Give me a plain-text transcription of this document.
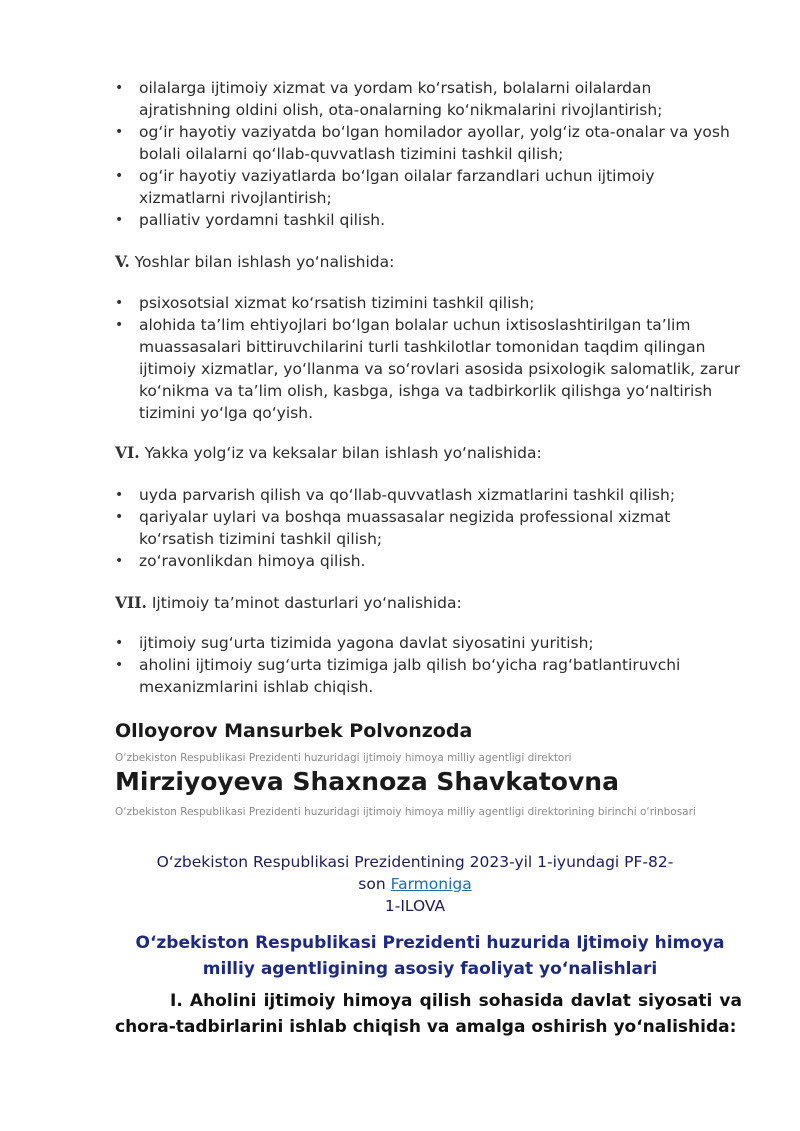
• oilalarga ijtimoiy xizmat va yordam ko‘rsatish, bolalarni oilalardan ajratishning oldini olish, ota-onalarning ko‘nikmalarini rivojlantirish;
• og‘ir hayotiy vaziyatda bo‘lgan homilador ayollar, yolg‘iz ota-onalar va yosh bolali oilalarni qo‘llab-quvvatlash tizimini tashkil qilish;
• og‘ir hayotiy vaziyatlarda bo‘lgan oilalar farzandlari uchun ijtimoiy xizmatlarni rivojlantirish;
• palliativ yordamni tashkil qilish.
V. Yoshlar bilan ishlash yo‘nalishida:
• psixosotsial xizmat ko‘rsatish tizimini tashkil qilish;
• alohida ta’lim ehtiyojlari bo‘lgan bolalar uchun ixtisoslashtirilgan ta’lim muassasalari bittiruvchilarini turli tashkilotlar tomonidan taqdim qilingan ijtimoiy xizmatlar, yo‘llanma va so‘rovlari asosida psixologik salomatlik, zarur ko‘nikma va ta’lim olish, kasbga, ishga va tadbirkorlik qilishga yo‘naltirish tizimini yo‘lga qo‘yish.
VI. Yakka yolg‘iz va keksalar bilan ishlash yo‘nalishida:
• uyda parvarish qilish va qo‘llab-quvvatlash xizmatlarini tashkil qilish;
• qariyalar uylari va boshqa muassasalar negizida professional xizmat ko‘rsatish tizimini tashkil qilish;
• zo‘ravonlikdan himoya qilish.
VII. Ijtimoiy ta’minot dasturlari yo‘nalishida:
• ijtimoiy sug‘urta tizimida yagona davlat siyosatini yuritish;
• aholini ijtimoiy sug‘urta tizimiga jalb qilish bo‘yicha rag‘batlantiruvchi mexanizmlarini ishlab chiqish.
Olloyorov Mansurbek Polvonzoda
O‘zbekiston Respublikasi Prezidenti huzuridagi ijtimoiy himoya milliy agentligi direktori
Mirziyoyeva Shaxnoza Shavkatovna
O‘zbekiston Respublikasi Prezidenti huzuridagi ijtimoiy himoya milliy agentligi direktorining birinchi o‘rinbosari
O‘zbekiston Respublikasi Prezidentining 2023-yil 1-iyundagi PF-82-
son Farmoniga
1-ILOVA
O‘zbekiston Respublikasi Prezidenti huzurida Ijtimoiy himoya milliy agentligining asosiy faoliyat yo‘nalishlari
I. Aholini ijtimoiy himoya qilish sohasida davlat siyosati va chora-tadbirlarini ishlab chiqish va amalga oshirish yo‘nalishida:
